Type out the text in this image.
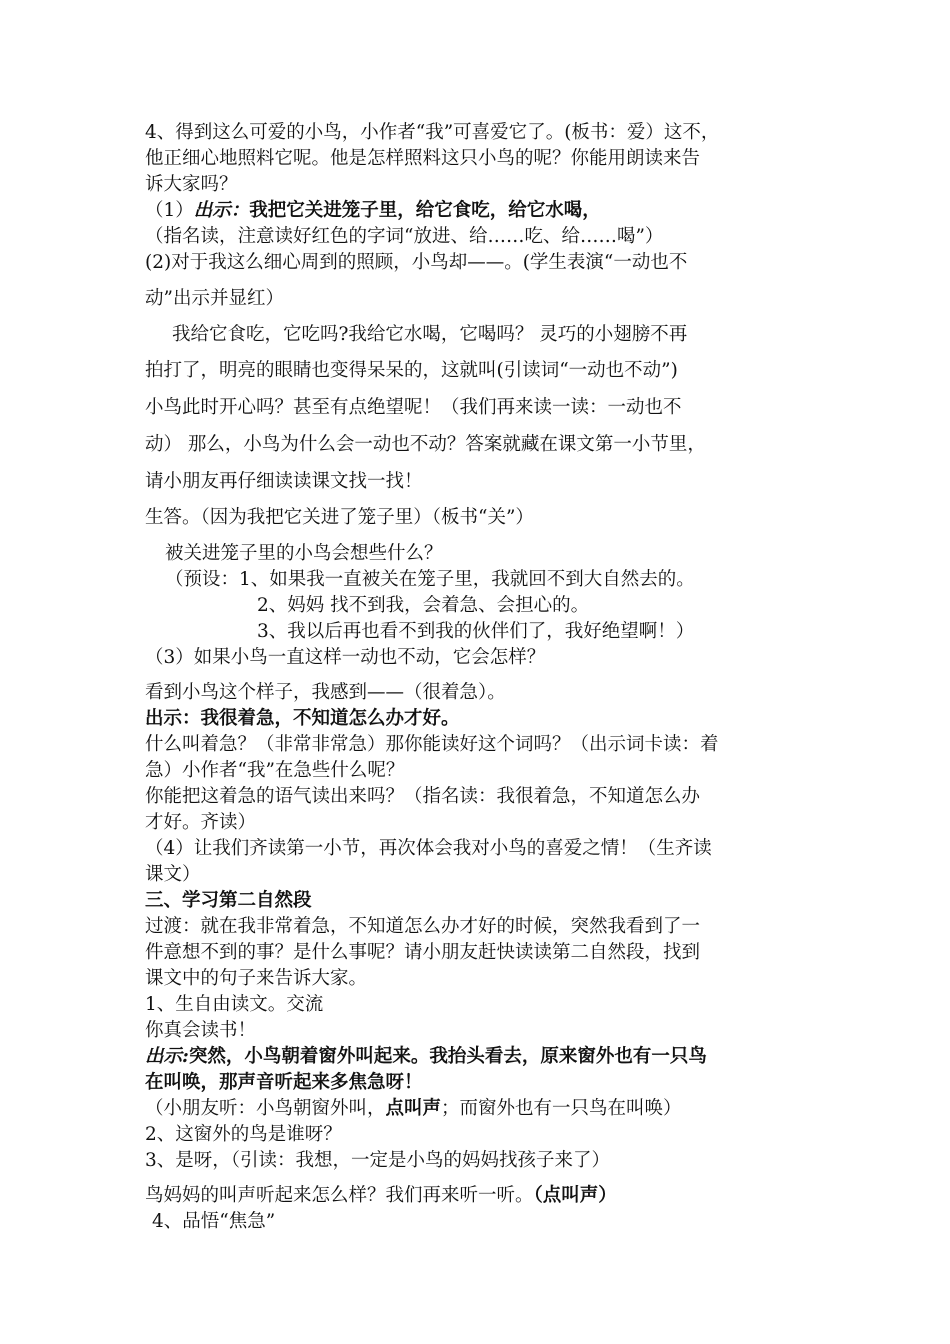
4、得到这么可爱的小鸟，小作者“我”可喜爱它了。(板书：爱）这不，
他正细心地照料它呢。他是怎样照料这只小鸟的呢？你能用朗读来告
诉大家吗？
（1）出示：我把它关进笼子里，给它食吃，给它水喝，
（指名读，注意读好红色的字词“放进、给……吃、给……喝”）
(2)对于我这么细心周到的照顾，小鸟却——。(学生表演“一动也不
动”出示并显红）
我给它食吃，它吃吗?我给它水喝，它喝吗？ 灵巧的小翅膀不再
拍打了，明亮的眼睛也变得呆呆的，这就叫(引读词“一动也不动”)
小鸟此时开心吗？甚至有点绝望呢！（我们再来读一读：一动也不
动） 那么，小鸟为什么会一动也不动？答案就藏在课文第一小节里，
请小朋友再仔细读读课文找一找！
生答。（因为我把它关进了笼子里）（板书“关”）
被关进笼子里的小鸟会想些什么？
（预设：1、如果我一直被关在笼子里，我就回不到大自然去的。
2、妈妈 找不到我，会着急、会担心的。
3、我以后再也看不到我的伙伴们了，我好绝望啊！）
（3）如果小鸟一直这样一动也不动，它会怎样？
看到小鸟这个样子，我感到——（很着急）。
出示：我很着急，不知道怎么办才好。
什么叫着急？（非常非常急）那你能读好这个词吗？（出示词卡读：着
急）小作者“我”在急些什么呢？
你能把这着急的语气读出来吗？（指名读：我很着急，不知道怎么办
才好。齐读）
（4）让我们齐读第一小节，再次体会我对小鸟的喜爱之情！（生齐读
课文）
三、学习第二自然段
过渡：就在我非常着急，不知道怎么办才好的时候，突然我看到了一
件意想不到的事？是什么事呢？请小朋友赶快读读第二自然段，找到
课文中的句子来告诉大家。
1、生自由读文。交流
你真会读书！
出示:突然，小鸟朝着窗外叫起来。我抬头看去，原来窗外也有一只鸟
在叫唤，那声音听起来多焦急呀！
（小朋友听：小鸟朝窗外叫，点叫声；而窗外也有一只鸟在叫唤）
2、这窗外的鸟是谁呀？
3、是呀，（引读：我想，一定是小鸟的妈妈找孩子来了）
鸟妈妈的叫声听起来怎么样？我们再来听一听。（点叫声）
4、品悟“焦急”
